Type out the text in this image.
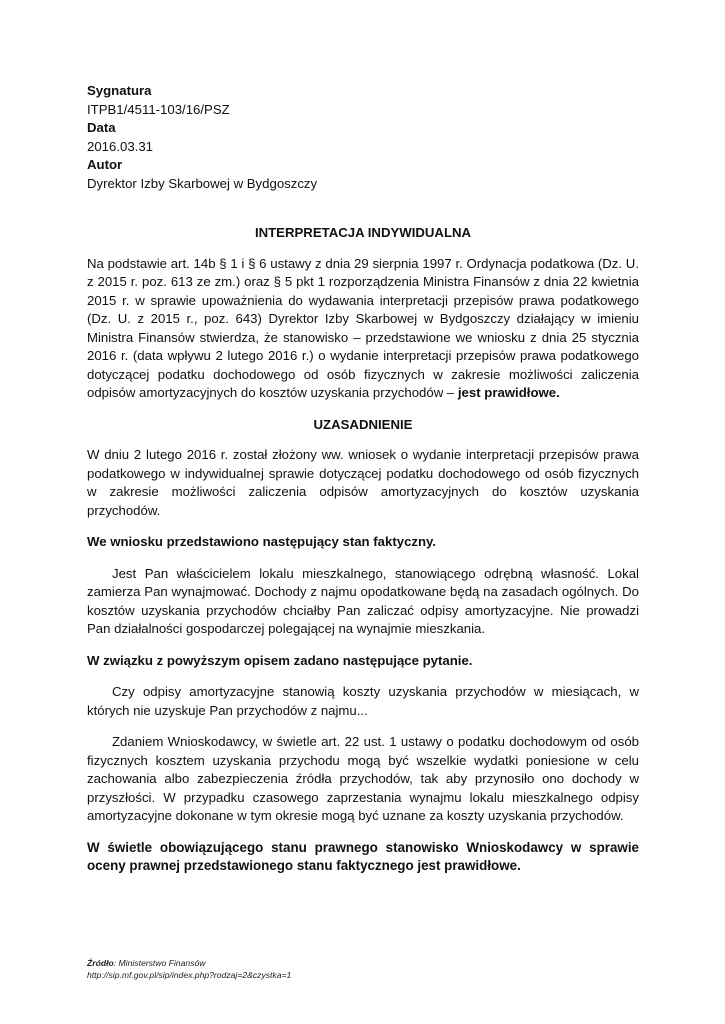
Sygnatura
ITPB1/4511-103/16/PSZ
Data
2016.03.31
Autor
Dyrektor Izby Skarbowej w Bydgoszczy
INTERPRETACJA INDYWIDUALNA

Na podstawie art. 14b § 1 i § 6 ustawy z dnia 29 sierpnia 1997 r. Ordynacja podatkowa (Dz. U. z 2015 r. poz. 613 ze zm.) oraz § 5 pkt 1 rozporządzenia Ministra Finansów z dnia 22 kwietnia 2015 r. w sprawie upoważnienia do wydawania interpretacji przepisów prawa podatkowego (Dz. U. z 2015 r., poz. 643) Dyrektor Izby Skarbowej w Bydgoszczy działający w imieniu Ministra Finansów stwierdza, że stanowisko – przedstawione we wniosku z dnia 25 stycznia 2016 r. (data wpływu 2 lutego 2016 r.) o wydanie interpretacji przepisów prawa podatkowego dotyczącej podatku dochodowego od osób fizycznych w zakresie możliwości zaliczenia odpisów amortyzacyjnych do kosztów uzyskania przychodów – jest prawidłowe.

UZASADNIENIE

W dniu 2 lutego 2016 r. został złożony ww. wniosek o wydanie interpretacji przepisów prawa podatkowego w indywidualnej sprawie dotyczącej podatku dochodowego od osób fizycznych w zakresie możliwości zaliczenia odpisów amortyzacyjnych do kosztów uzyskania przychodów.

We wniosku przedstawiono następujący stan faktyczny.

Jest Pan właścicielem lokalu mieszkalnego, stanowiącego odrębną własność. Lokal zamierza Pan wynajmować. Dochody z najmu opodatkowane będą na zasadach ogólnych. Do kosztów uzyskania przychodów chciałby Pan zaliczać odpisy amortyzacyjne. Nie prowadzi Pan działalności gospodarczej polegającej na wynajmie mieszkania.

W związku z powyższym opisem zadano następujące pytanie.

Czy odpisy amortyzacyjne stanowią koszty uzyskania przychodów w miesiącach, w których nie uzyskuje Pan przychodów z najmu...

Zdaniem Wnioskodawcy, w świetle art. 22 ust. 1 ustawy o podatku dochodowym od osób fizycznych kosztem uzyskania przychodu mogą być wszelkie wydatki poniesione w celu zachowania albo zabezpieczenia źródła przychodów, tak aby przynosiło ono dochody w przyszłości. W przypadku czasowego zaprzestania wynajmu lokalu mieszkalnego odpisy amortyzacyjne dokonane w tym okresie mogą być uznane za koszty uzyskania przychodów.

W świetle obowiązującego stanu prawnego stanowisko Wnioskodawcy w sprawie oceny prawnej przedstawionego stanu faktycznego jest prawidłowe.

Źródło: Ministerstwo Finansów
http://sip.mf.gov.pl/sip/index.php?rodzaj=2&czystka=1
